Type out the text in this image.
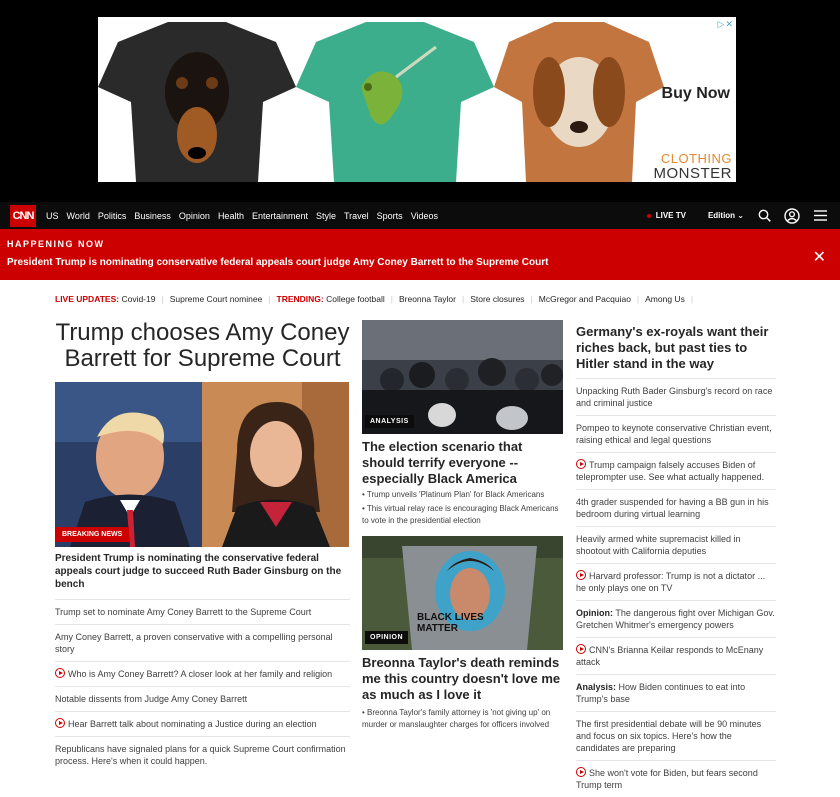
▷✕
Buy Now
CLOTHING
MONSTER
CNN US World Politics Business Opinion Health Entertainment Style Travel Sports Videos	LIVE TV	Edition ⌄
HAPPENING NOW
President Trump is nominating conservative federal appeals court judge Amy Coney Barrett to the Supreme Court	✕
LIVE UPDATES:
Covid-19 | Supreme Court nominee | TRENDING:
College football | Breonna Taylor | Store closures | McGregor and Pacquiao | Among Us |
Trump chooses Amy Coney Barrett for Supreme Court
BREAKING NEWS
President Trump is nominating the conservative federal appeals court judge to succeed Ruth Bader Ginsburg on the bench
Trump set to nominate Amy Coney Barrett to the Supreme Court
Amy Coney Barrett, a proven conservative with a compelling personal story
Who is Amy Coney Barrett? A closer look at her family and religion
Notable dissents from Judge Amy Coney Barrett
Hear Barrett talk about nominating a Justice during an election
Republicans have signaled plans for a quick Supreme Court confirmation process. Here's when it could happen.
ANALYSIS
The election scenario that should terrify everyone -- especially Black America
• Trump unveils 'Platinum Plan' for Black Americans
• This virtual relay race is encouraging Black Americans to vote in the presidential election
BLACK LIVES MATTER
OPINION
Breonna Taylor's death reminds me this country doesn't love me as much as I love it
• Breonna Taylor's family attorney is 'not giving up' on murder or manslaughter charges for officers involved
Germany's ex-royals want their riches back, but past ties to Hitler stand in the way
Unpacking Ruth Bader Ginsburg's record on race and criminal justice
Pompeo to keynote conservative Christian event, raising ethical and legal questions
Trump campaign falsely accuses Biden of teleprompter use. See what actually happened.
4th grader suspended for having a BB gun in his bedroom during virtual learning
Heavily armed white supremacist killed in shootout with California deputies
Harvard professor: Trump is not a dictator ... he only plays one on TV
Opinion: The dangerous fight over Michigan Gov. Gretchen Whitmer's emergency powers
CNN's Brianna Keilar responds to McEnany attack
Analysis: How Biden continues to eat into Trump's base
The first presidential debate will be 90 minutes and focus on six topics. Here's how the candidates are preparing
She won't vote for Biden, but fears second Trump term
